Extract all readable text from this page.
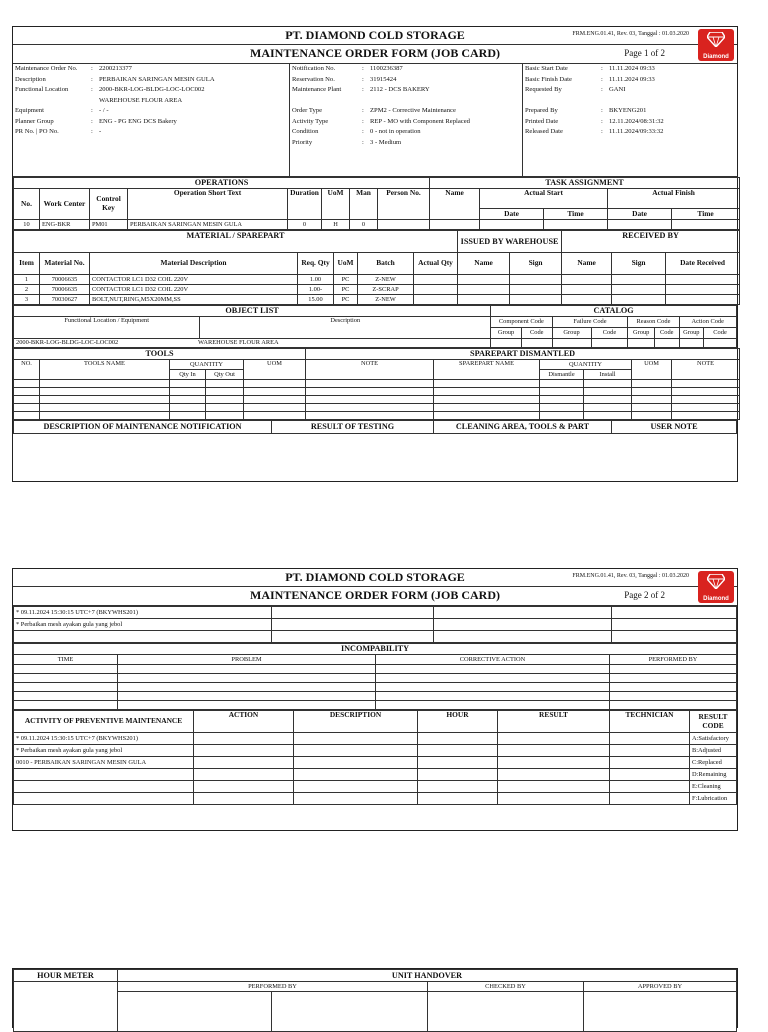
PT. DIAMOND COLD STORAGE
MAINTENANCE ORDER FORM (JOB CARD)
FRM.ENG.01.41, Rev. 03, Tanggal : 01.03.2020
Page 1 of 2	Diamond
Maintenance Order No.	:	2200213377
Description	:	PERBAIKAN SARINGAN MESIN GULA
Functional Location	:	2000-BKR-LOG-BLDG-LOC-LOC002
		WAREHOUSE FLOUR AREA
Equipment	:	- / -
Planner Group	:	ENG - PG ENG DCS Bakery
PR No. | PO No.	:	-
Notification No.	:	1100236387
Reservation No.	:	31915424
Maintenance Plant	:	2112 - DCS BAKERY

Order Type	:	ZPM2 - Corrective Maintenance
Activity Type	:	REP - MO with Component Replaced
Condition	:	0 - not in operation
Priority	:	3 - Medium
Basic Start Date	:	11.11.2024 09:33
Basic Finish Date	:	11.11.2024 09:33
Requested By	:	GANI

Prepared By	:	BKYENG201
Printed Date	:	12.11.2024/08:31:32
Released Date	:	11.11.2024/09:33:32
OPERATIONS								TASK ASSIGNMENT				
No.	Work Center	Control Key	Operation Short Text	Duration	UoM	Man	Person No.	Name	Actual Start		Actual Finish	
									Date	Time	Date	Time
10	ENG-BKR	PM01	PERBAIKAN SARINGAN MESIN GULA	0	H	0						
MATERIAL / SPAREPART							ISSUED BY WAREHOUSE		RECEIVED BY		
Item	Material No.	Material Description	Req. Qty	UoM	Batch	Actual Qty	Name	Sign	Name	Sign	Date Received
1	70006635	CONTACTOR LC1 D32 COIL 220V	1.00	PC	Z-NEW						
2	70006635	CONTACTOR LC1 D32 COIL 220V	1.00-	PC	Z-SCRAP						
3	70030627	BOLT,NUT,RING,M5X20MM,SS	15.00	PC	Z-NEW						
OBJECT LIST	CATALOG
Functional Location / Equipment	Description	Component Code	Failure Code	Reason Code	Action Code
Group	Code	Group	Code	Group	Code	Group	Code

2000-BKR-LOG-BLDG-LOC-LOC002	WAREHOUSE FLOUR AREA

TOOLS					SPAREPART DISMANTLED					
NO.	TOOLS NAME	QUANTITY		UOM	NOTE	SPAREPART NAME	QUANTITY		UOM	NOTE
		Qty In	Qty Out				Dismantle	Install		

DESCRIPTION OF MAINTENANCE NOTIFICATION	RESULT OF TESTING	CLEANING AREA, TOOLS & PART	USER NOTE
PT. DIAMOND COLD STORAGE
MAINTENANCE ORDER FORM (JOB CARD)
FRM.ENG.01.41, Rev. 03, Tanggal : 01.03.2020
Page 2 of 2	Diamond
* 09.11.2024 15:30:15 UTC+7 (BKYWHS201)			
* Perbaikan mesh ayakan gula yang jebol			

INCOMPABILITY			
TIME	PROBLEM	CORRECTIVE ACTION	PERFORMED BY

ACTIVITY OF PREVENTIVE MAINTENANCE	ACTION	DESCRIPTION	HOUR	RESULT	TECHNICIAN	RESULT CODE
* 09.11.2024 15:30:15 UTC+7 (BKYWHS201)						A:Satisfactory
* Perbaikan mesh ayakan gula yang jebol						B:Adjusted
0010 - PERBAIKAN SARINGAN MESIN GULA						C:Replaced
						D:Remaining
						E:Cleaning
						F:Lubrication
HOUR METER	UNIT HANDOVER			
	PERFORMED BY		CHECKED BY	APPROVED BY
